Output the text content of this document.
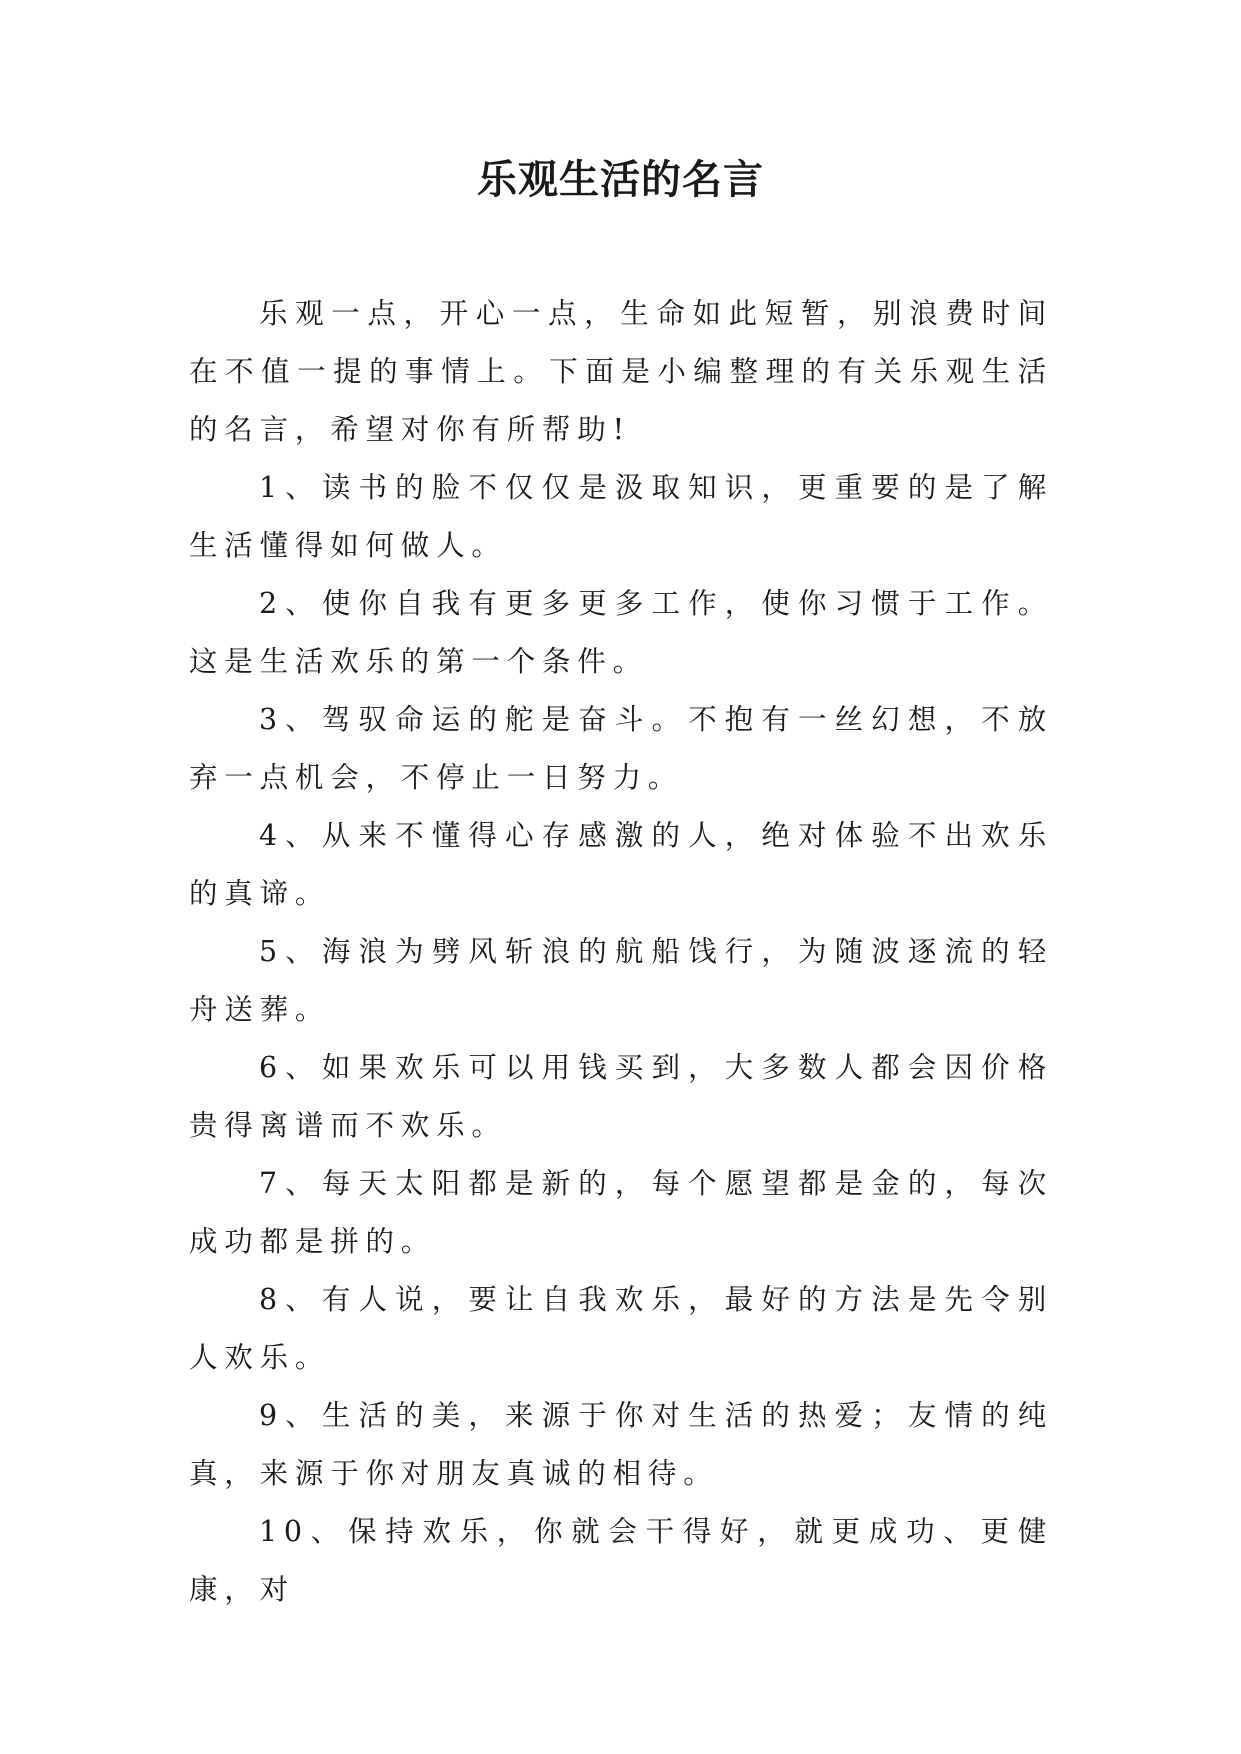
乐观生活的名言

乐观一点，开心一点，生命如此短暂，别浪费时间在不值一提的事情上。下面是小编整理的有关乐观生活的名言，希望对你有所帮助!

1、读书的脸不仅仅是汲取知识，更重要的是了解生活懂得如何做人。

2、使你自我有更多更多工作，使你习惯于工作。这是生活欢乐的第一个条件。

3、驾驭命运的舵是奋斗。不抱有一丝幻想，不放弃一点机会，不停止一日努力。

4、从来不懂得心存感激的人，绝对体验不出欢乐的真谛。

5、海浪为劈风斩浪的航船饯行，为随波逐流的轻舟送葬。

6、如果欢乐可以用钱买到，大多数人都会因价格贵得离谱而不欢乐。

7、每天太阳都是新的，每个愿望都是金的，每次成功都是拼的。

8、有人说，要让自我欢乐，最好的方法是先令别人欢乐。

9、生活的美，来源于你对生活的热爱；友情的纯真，来源于你对朋友真诚的相待。

10、保持欢乐，你就会干得好，就更成功、更健康，对
